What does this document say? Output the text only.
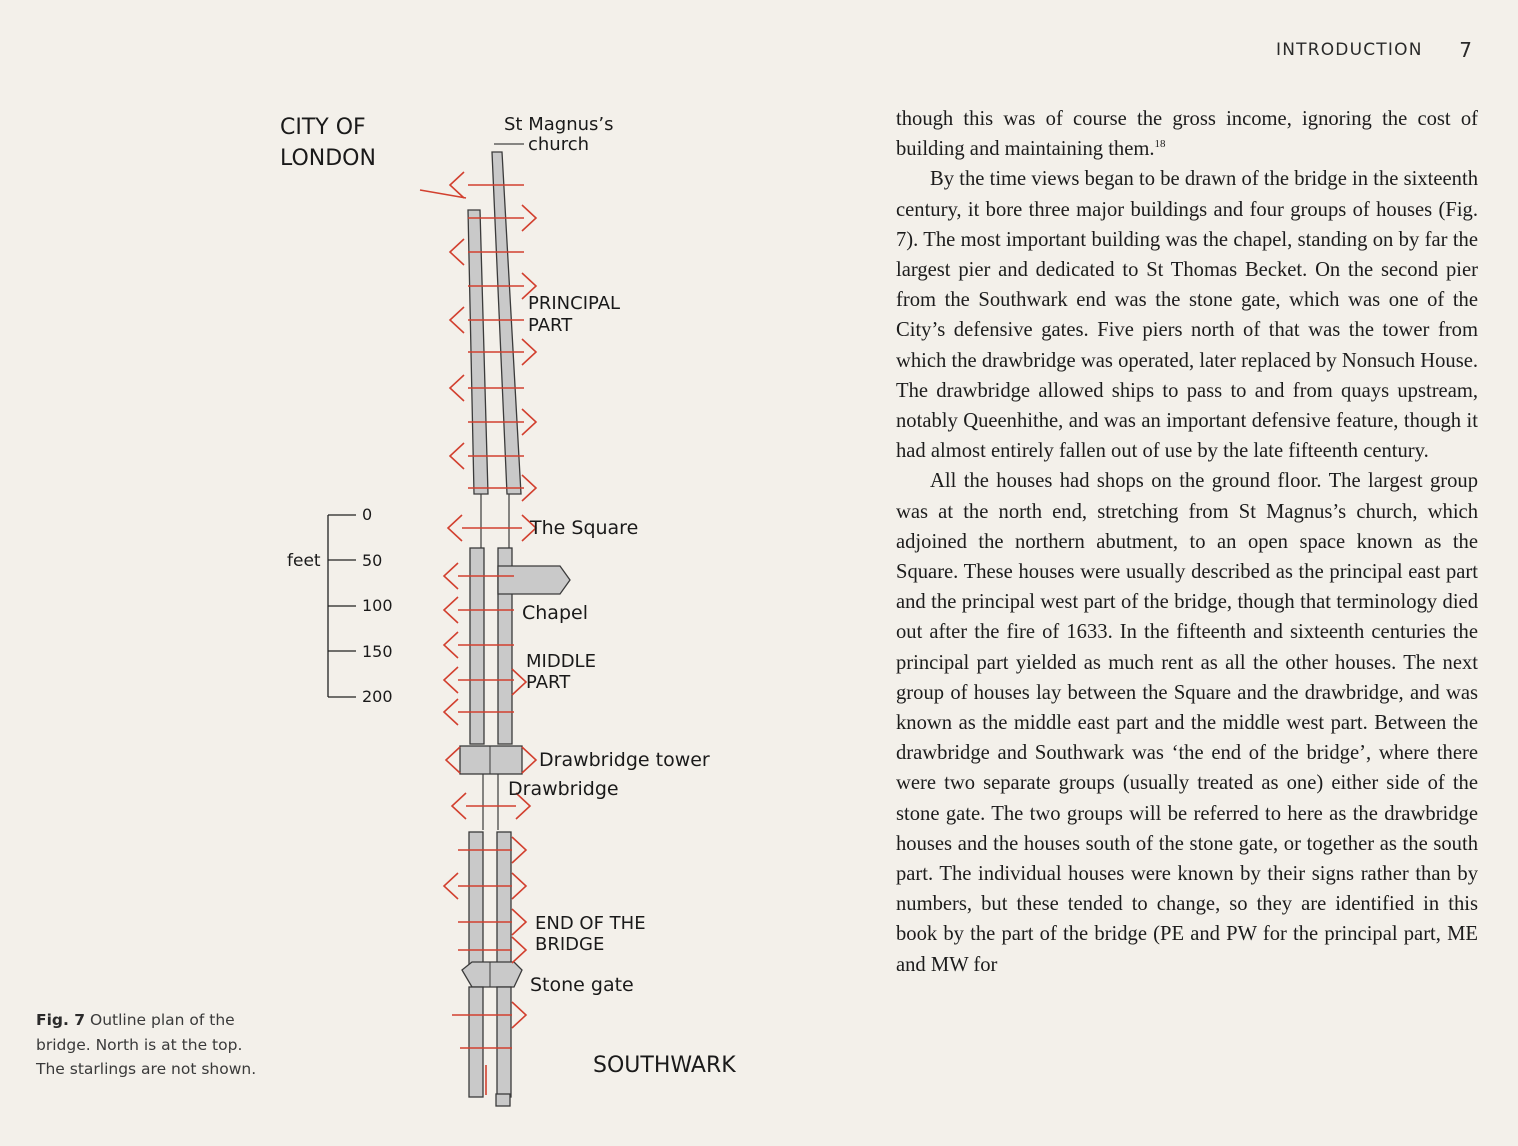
INTRODUCTION 7
CITY OF
LONDON
St Magnus’s
church
PRINCIPAL
PART
The Square
Chapel
MIDDLE
PART
Drawbridge tower
Drawbridge
END OF THE
BRIDGE
Stone gate
SOUTHWARK
0
50
100
150
200
feet
Fig. 7 Outline plan of the bridge. North is at the top. The starlings are not shown.

though this was of course the gross income, ignoring the cost of building and maintaining them.$^{18}$

By the time views began to be drawn of the bridge in the sixteenth century, it bore three major buildings and four groups of houses (Fig. 7). The most important building was the chapel, standing on by far the largest pier and dedicated to St Thomas Becket. On the second pier from the Southwark end was the stone gate, which was one of the City’s defensive gates. Five piers north of that was the tower from which the drawbridge was operated, later replaced by Nonsuch House. The drawbridge allowed ships to pass to and from quays upstream, notably Queenhithe, and was an important defensive feature, though it had almost entirely fallen out of use by the late fifteenth century.

All the houses had shops on the ground floor. The largest group was at the north end, stretching from St Magnus’s church, which adjoined the northern abutment, to an open space known as the Square. These houses were usually described as the principal east part and the principal west part of the bridge, though that terminology died out after the fire of 1633. In the fifteenth and sixteenth centuries the principal part yielded as much rent as all the other houses. The next group of houses lay between the Square and the drawbridge, and was known as the middle east part and the middle west part. Between the drawbridge and Southwark was ‘the end of the bridge’, where there were two separate groups (usually treated as one) either side of the stone gate. The two groups will be referred to here as the drawbridge houses and the houses south of the stone gate, or together as the south part. The individual houses were known by their signs rather than by numbers, but these tended to change, so they are identified in this book by the part of the bridge (PE and PW for the principal part, ME and MW for
